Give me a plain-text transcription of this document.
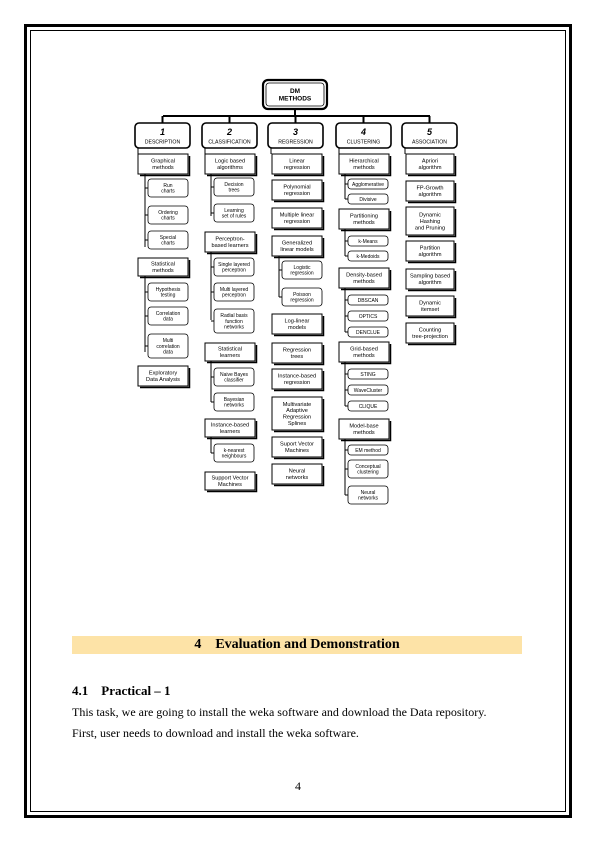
DM
METHODS
1
DESCRIPTION
2
CLASSIFICATION
3
REGRESSION
4
CLUSTERING
5
ASSOCIATION
Graphical
methods
Run
charts
Ordering
charts
Special
charts
Statistical
methods
Hypothesis
testing
Correlation
data
Multi
correlation
data
Exploratory
Data Analysis
Logic based
algorithms
Decision
trees
Learning
set of rules
Perceptron-
based learners
Single layered
perceptron
Multi layered
perceptron
Radial basis
function
networks
Statistical
learners
Naive Bayes
classifier
Bayesian
networks
Instance-based
learners
k-nearest
neighbours
Support Vector
Machines
Linear
regression
Polynomial
regression
Multiple linear
regression
Generalized
linear models
Logistic
regression
Poisson
regression
Log-linear
models
Regression
trees
Instance-based
regression
Multivariate
Adaptive
Regression
Splines
Suport Vector
Machines
Neural
networks
Hierarchical
methods
Agglomerative
Divisive
Partitioning
methods
k-Means
k-Medoids
Density-based
methods
DBSCAN
OPTICS
DENCLUE
Grid-based
methods
STING
WaveCluster
CLIQUE
Model-base
methods
EM method
Conceptual
clustering
Neural
networks
Apriori
algorithm
FP-Growth
algorithm
Dynamic
Hashing
and Pruning
Partition
algorithm
Sampling based
algorithm
Dynamic
itemset
Counting
tree-projection
4 Evaluation and Demonstration
4.1 Practical – 1
This task, we are going to install the weka software and download the Data repository.
First, user needs to download and install the weka software.
4
